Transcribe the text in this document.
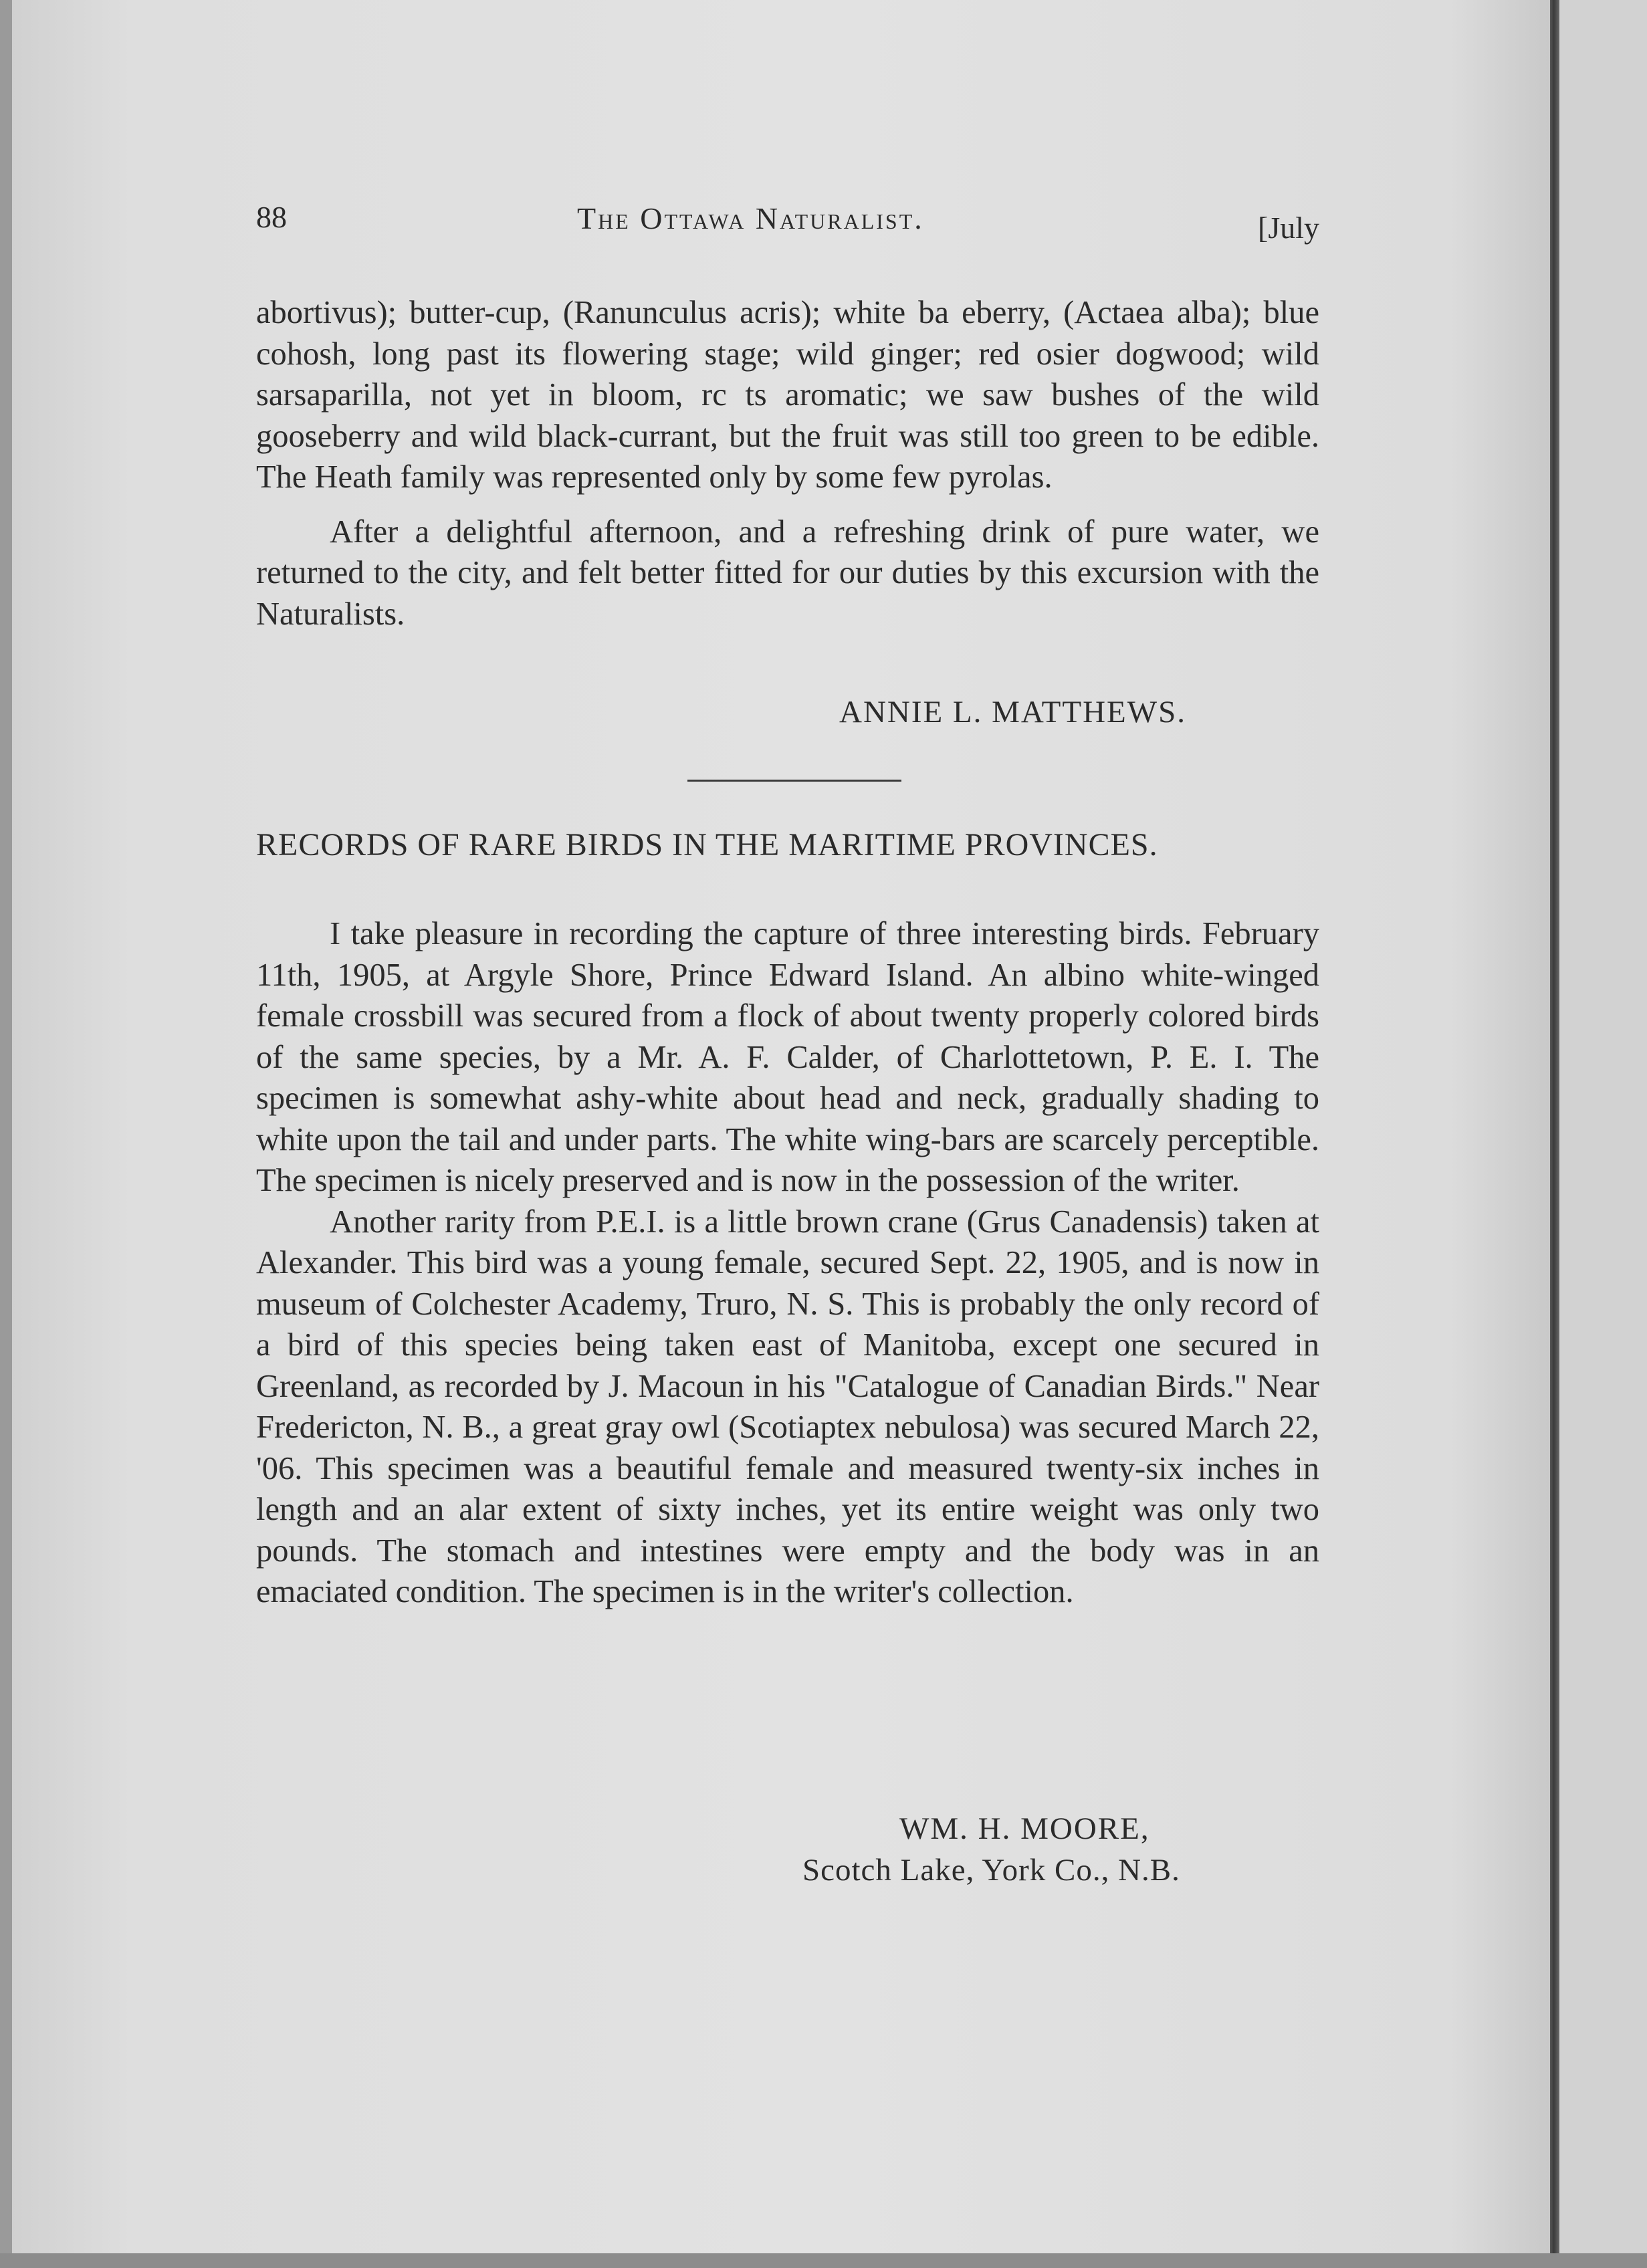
88	The Ottawa Naturalist.	[July

abortivus); butter-cup, (Ranunculus acris); white ba eberry, (Actaea alba); blue cohosh, long past its flowering stage; wild ginger; red osier dogwood; wild sarsaparilla, not yet in bloom, rc ts aromatic; we saw bushes of the wild gooseberry and wild black-currant, but the fruit was still too green to be edible. The Heath family was represented only by some few pyrolas.

After a delightful afternoon, and a refreshing drink of pure water, we returned to the city, and felt better fitted for our duties by this excursion with the Naturalists.

ANNIE L. MATTHEWS.
RECORDS OF RARE BIRDS IN THE MARITIME PROVINCES.

I take pleasure in recording the capture of three interesting birds. February 11th, 1905, at Argyle Shore, Prince Edward Island. An albino white-winged female crossbill was secured from a flock of about twenty properly colored birds of the same species, by a Mr. A. F. Calder, of Charlottetown, P. E. I. The specimen is somewhat ashy-white about head and neck, gradually shading to white upon the tail and under parts. The white wing-bars are scarcely perceptible. The specimen is nicely preserved and is now in the possession of the writer.

Another rarity from P.E.I. is a little brown crane (Grus Canadensis) taken at Alexander. This bird was a young female, secured Sept. 22, 1905, and is now in museum of Colchester Academy, Truro, N. S. This is probably the only record of a bird of this species being taken east of Manitoba, except one secured in Greenland, as recorded by J. Macoun in his "Catalogue of Canadian Birds." Near Fredericton, N. B., a great gray owl (Scotiaptex nebulosa) was secured March 22, '06. This specimen was a beautiful female and measured twenty-six inches in length and an alar extent of sixty inches, yet its entire weight was only two pounds. The stomach and intestines were empty and the body was in an emaciated condition. The specimen is in the writer's collection.

WM. H. MOORE,
Scotch Lake, York Co., N.B.
